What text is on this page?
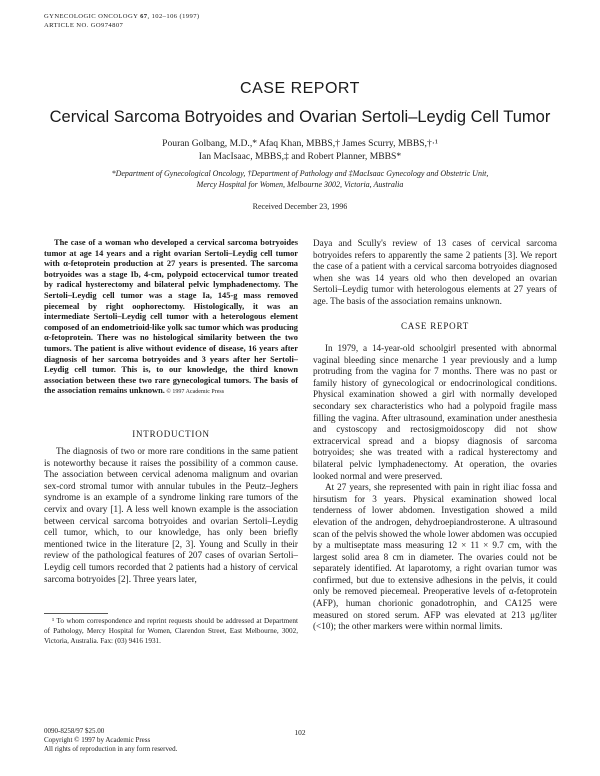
GYNECOLOGIC ONCOLOGY 67, 102–106 (1997)
ARTICLE NO. GO974807
CASE REPORT
Cervical Sarcoma Botryoides and Ovarian Sertoli–Leydig Cell Tumor
Pouran Golbang, M.D.,* Afaq Khan, MBBS,† James Scurry, MBBS,†·¹
Ian MacIsaac, MBBS,‡ and Robert Planner, MBBS*
*Department of Gynecological Oncology, †Department of Pathology and ‡MacIsaac Gynecology and Obstetric Unit,
Mercy Hospital for Women, Melbourne 3002, Victoria, Australia
Received December 23, 1996

The case of a woman who developed a cervical sarcoma botryoides tumor at age 14 years and a right ovarian Sertoli–Leydig cell tumor with α-fetoprotein production at 27 years is presented. The sarcoma botryoides was a stage Ib, 4-cm, polypoid ectocervical tumor treated by radical hysterectomy and bilateral pelvic lymphadenectomy. The Sertoli–Leydig cell tumor was a stage Ia, 145-g mass removed piecemeal by right oophorectomy. Histologically, it was an intermediate Sertoli–Leydig cell tumor with a heterologous element composed of an endometrioid-like yolk sac tumor which was producing α-fetoprotein. There was no histological similarity between the two tumors. The patient is alive without evidence of disease, 16 years after diagnosis of her sarcoma botryoides and 3 years after her Sertoli–Leydig cell tumor. This is, to our knowledge, the third known association between these two rare gynecological tumors. The basis of the association remains unknown. © 1997 Academic Press

INTRODUCTION

The diagnosis of two or more rare conditions in the same patient is noteworthy because it raises the possibility of a common cause. The association between cervical adenoma malignum and ovarian sex-cord stromal tumor with annular tubules in the Peutz–Jeghers syndrome is an example of a syndrome linking rare tumors of the cervix and ovary [1]. A less well known example is the association between cervical sarcoma botryoides and ovarian Sertoli–Leydig cell tumor, which, to our knowledge, has only been briefly mentioned twice in the literature [2, 3]. Young and Scully in their review of the pathological features of 207 cases of ovarian Sertoli–Leydig cell tumors recorded that 2 patients had a history of cervical sarcoma botryoides [2]. Three years later,

¹ To whom correspondence and reprint requests should be addressed at Department of Pathology, Mercy Hospital for Women, Clarendon Street, East Melbourne, 3002, Victoria, Australia. Fax: (03) 9416 1931.

Daya and Scully's review of 13 cases of cervical sarcoma botryoides refers to apparently the same 2 patients [3]. We report the case of a patient with a cervical sarcoma botryoides diagnosed when she was 14 years old who then developed an ovarian Sertoli–Leydig tumor with heterologous elements at 27 years of age. The basis of the association remains unknown.

CASE REPORT

In 1979, a 14-year-old schoolgirl presented with abnormal vaginal bleeding since menarche 1 year previously and a lump protruding from the vagina for 7 months. There was no past or family history of gynecological or endocrinological conditions. Physical examination showed a girl with normally developed secondary sex characteristics who had a polypoid fragile mass filling the vagina. After ultrasound, examination under anesthesia and cystoscopy and rectosigmoidoscopy did not show extracervical spread and a biopsy diagnosis of sarcoma botryoides; she was treated with a radical hysterectomy and bilateral pelvic lymphadenectomy. At operation, the ovaries looked normal and were preserved.

At 27 years, she represented with pain in right iliac fossa and hirsutism for 3 years. Physical examination showed local tenderness of lower abdomen. Investigation showed a mild elevation of the androgen, dehydroepiandrosterone. A ultrasound scan of the pelvis showed the whole lower abdomen was occupied by a multiseptate mass measuring 12 × 11 × 9.7 cm, with the largest solid area 8 cm in diameter. The ovaries could not be separately identified. At laparotomy, a right ovarian tumor was confirmed, but due to extensive adhesions in the pelvis, it could only be removed piecemeal. Preoperative levels of α-fetoprotein (AFP), human chorionic gonadotrophin, and CA125 were measured on stored serum. AFP was elevated at 213 μg/liter (<10); the other markers were within normal limits.

0090-8258/97 $25.00
Copyright © 1997 by Academic Press
All rights of reproduction in any form reserved.
102
